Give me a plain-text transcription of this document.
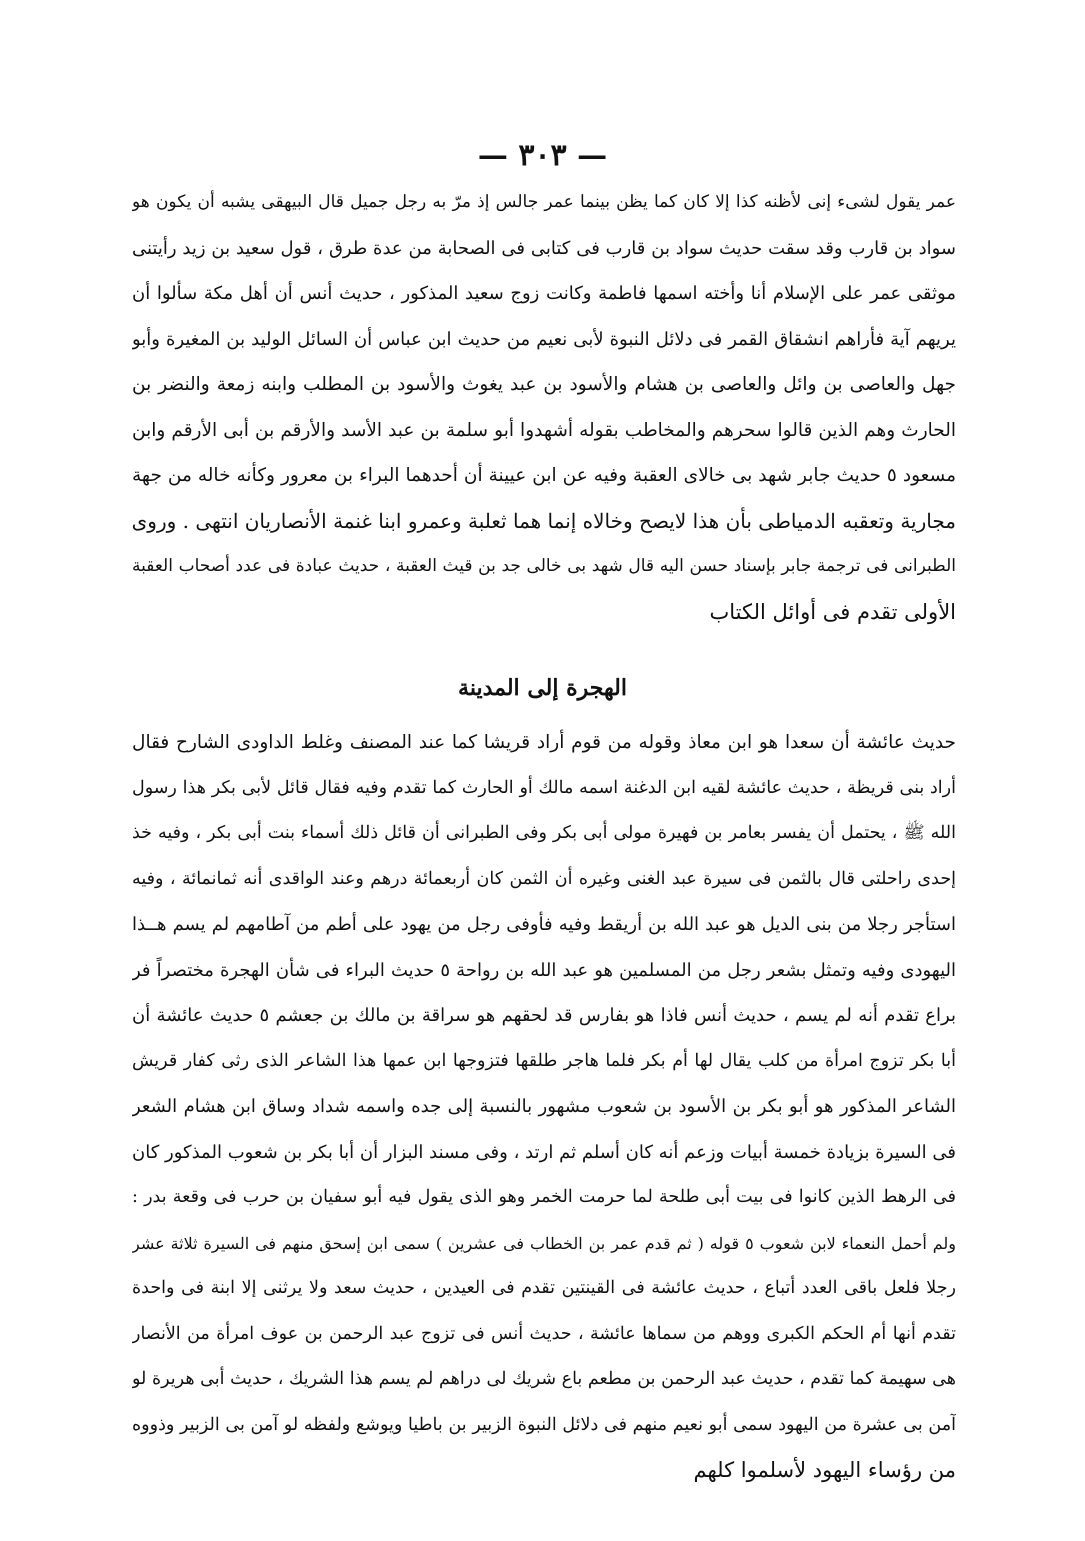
— ٣٠٣ —
عمر يقول لشىء إنى لأظنه كذا إلا كان كما يظن بينما عمر جالس إذ مرّ به رجل جميل قال البيهقى يشبه أن يكون هو
سواد بن قارب وقد سقت حديث سواد بن قارب فى كتابى فى الصحابة من عدة طرق ، قول سعيد بن زيد رأيتنى
موثقى عمر على الإسلام أنا وأخته اسمها فاطمة وكانت زوج سعيد المذكور ، حديث أنس أن أهل مكة سألوا أن
يريهم آية فأراهم انشقاق القمر فى دلائل النبوة لأبى نعيم من حديث ابن عباس أن السائل الوليد بن المغيرة وأبو
جهل والعاصى بن وائل والعاصى بن هشام والأسود بن عبد يغوث والأسود بن المطلب وابنه زمعة والنضر بن
الحارث وهم الذين قالوا سحرهم والمخاطب بقوله أشهدوا أبو سلمة بن عبد الأسد والأرقم بن أبى الأرقم وابن
مسعود ٥ حديث جابر شهد بى خالاى العقبة وفيه عن ابن عيينة أن أحدهما البراء بن معرور وكأنه خاله من جهة
مجارية وتعقبه الدمياطى بأن هذا لايصح وخالاه إنما هما ثعلبة وعمرو ابنا غنمة الأنصاريان انتهى . وروى
الطبرانى فى ترجمة جابر بإسناد حسن اليه قال شهد بى خالى جد بن قيث العقبة ، حديث عبادة فى عدد أصحاب العقبة
الأولى تقدم فى أوائل الكتاب
الهجرة إلى المدينة
حديث عائشة أن سعدا هو ابن معاذ وقوله من قوم أراد قريشا كما عند المصنف وغلط الداودى الشارح فقال
أراد بنى قريظة ، حديث عائشة لقيه ابن الدغنة اسمه مالك أو الحارث كما تقدم وفيه فقال قائل لأبى بكر هذا رسول
الله ﷺ ، يحتمل أن يفسر بعامر بن فهيرة مولى أبى بكر وفى الطبرانى أن قائل ذلك أسماء بنت أبى بكر ، وفيه خذ
إحدى راحلتى قال بالثمن فى سيرة عبد الغنى وغيره أن الثمن كان أربعمائة درهم وعند الواقدى أنه ثمانمائة ، وفيه
استأجر رجلا من بنى الديل هو عبد الله بن أريقط وفيه فأوفى رجل من يهود على أطم من آطامهم لم يسم هــذا
اليهودى وفيه وتمثل بشعر رجل من المسلمين هو عبد الله بن رواحة ٥ حديث البراء فى شأن الهجرة مختصراً فر
براع تقدم أنه لم يسم ، حديث أنس فاذا هو بفارس قد لحقهم هو سراقة بن مالك بن جعشم ٥ حديث عائشة أن
أبا بكر تزوج امرأة من كلب يقال لها أم بكر فلما هاجر طلقها فتزوجها ابن عمها هذا الشاعر الذى رثى كفار قريش
الشاعر المذكور هو أبو بكر بن الأسود بن شعوب مشهور بالنسبة إلى جده واسمه شداد وساق ابن هشام الشعر
فى السيرة بزيادة خمسة أبيات وزعم أنه كان أسلم ثم ارتد ، وفى مسند البزار أن أبا بكر بن شعوب المذكور كان
فى الرهط الذين كانوا فى بيت أبى طلحة لما حرمت الخمر وهو الذى يقول فيه أبو سفيان بن حرب فى وقعة بدر :
ولم أحمل النعماء لابن شعوب ٥ قوله ( ثم قدم عمر بن الخطاب فى عشرين ) سمى ابن إسحق منهم فى السيرة ثلاثة عشر
رجلا فلعل باقى العدد أتباع ، حديث عائشة فى القينتين تقدم فى العيدين ، حديث سعد ولا يرثنى إلا ابنة فى واحدة
تقدم أنها أم الحكم الكبرى ووهم من سماها عائشة ، حديث أنس فى تزوج عبد الرحمن بن عوف امرأة من الأنصار
هى سهيمة كما تقدم ، حديث عبد الرحمن بن مطعم باع شريك لى دراهم لم يسم هذا الشريك ، حديث أبى هريرة لو
آمن بى عشرة من اليهود سمى أبو نعيم منهم فى دلائل النبوة الزبير بن باطيا ويوشع ولفظه لو آمن بى الزبير وذووه
من رؤساء اليهود لأسلموا كلهم
